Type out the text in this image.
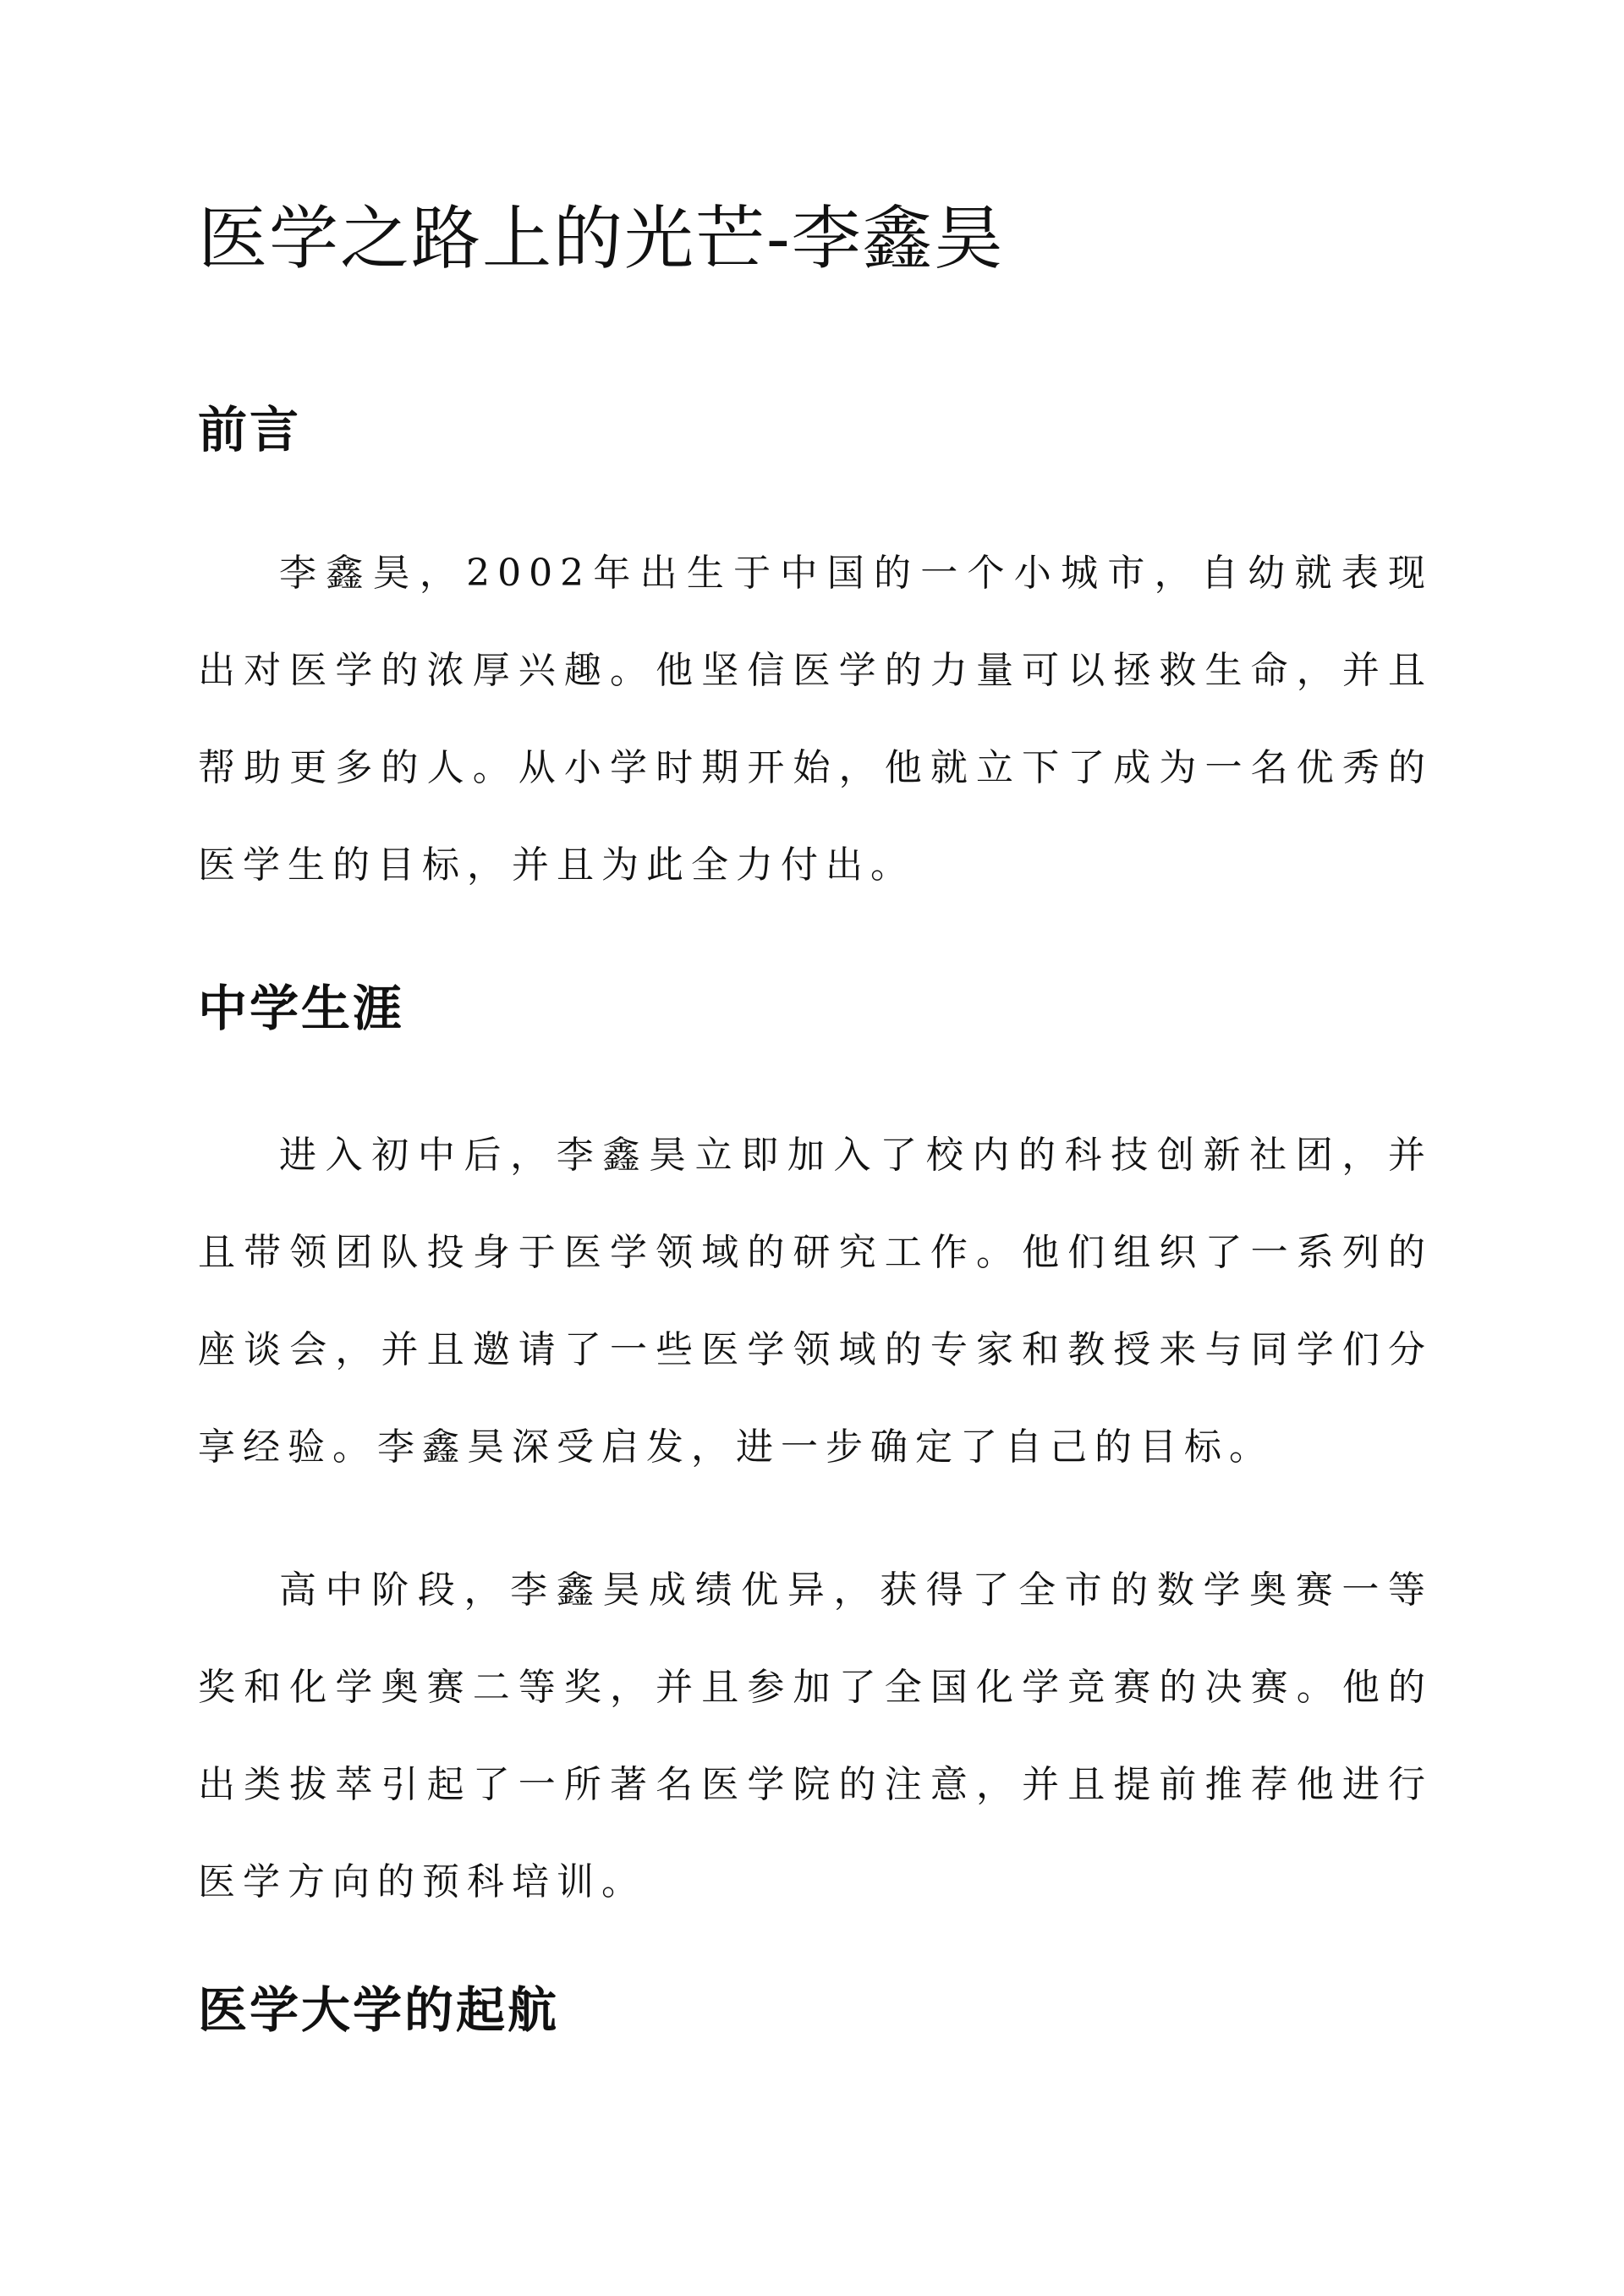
医学之路上的光芒-李鑫昊
前言

李鑫昊，2002年出生于中国的一个小城市，自幼就表现出对医学的浓厚兴趣。他坚信医学的力量可以拯救生命，并且帮助更多的人。从小学时期开始，他就立下了成为一名优秀的医学生的目标，并且为此全力付出。

中学生涯

进入初中后，李鑫昊立即加入了校内的科技创新社团，并且带领团队投身于医学领域的研究工作。他们组织了一系列的座谈会，并且邀请了一些医学领域的专家和教授来与同学们分享经验。李鑫昊深受启发，进一步确定了自己的目标。

高中阶段，李鑫昊成绩优异，获得了全市的数学奥赛一等奖和化学奥赛二等奖，并且参加了全国化学竞赛的决赛。他的出类拔萃引起了一所著名医学院的注意，并且提前推荐他进行医学方向的预科培训。

医学大学的起航
